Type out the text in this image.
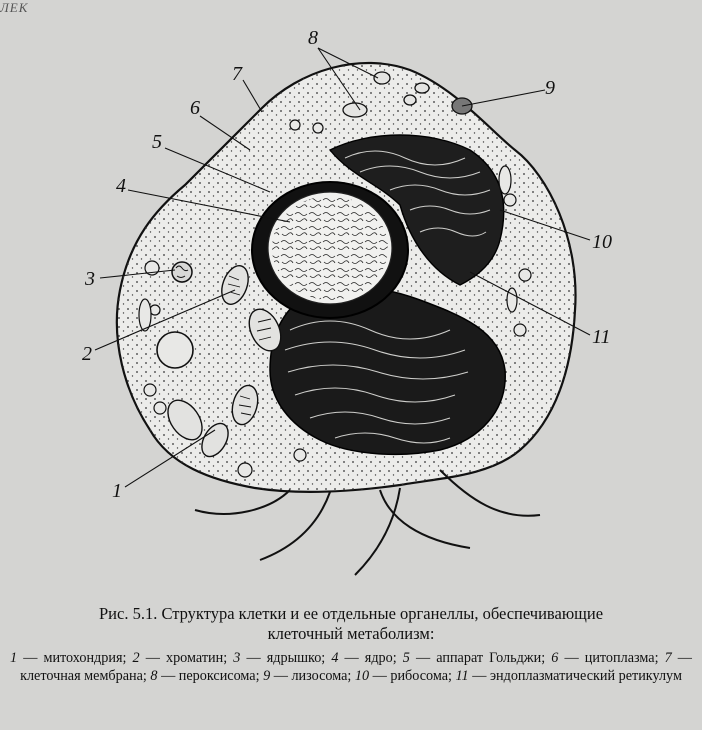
ЛЕК
8
9
7
6
5
4
3
2
1
10
11

Рис. 5.1. Структура клетки и ее отдельные органеллы, обеспечивающие
клеточный метаболизм:

1 — митохондрия; 2 — хроматин; 3 — ядрышко; 4 — ядро; 5 — аппарат Гольджи; 6 — цитоплазма; 7 — клеточная мембрана; 8 — пероксисома; 9 — лизосома; 10 — рибосома; 11 — эндоплазматический ретикулум
